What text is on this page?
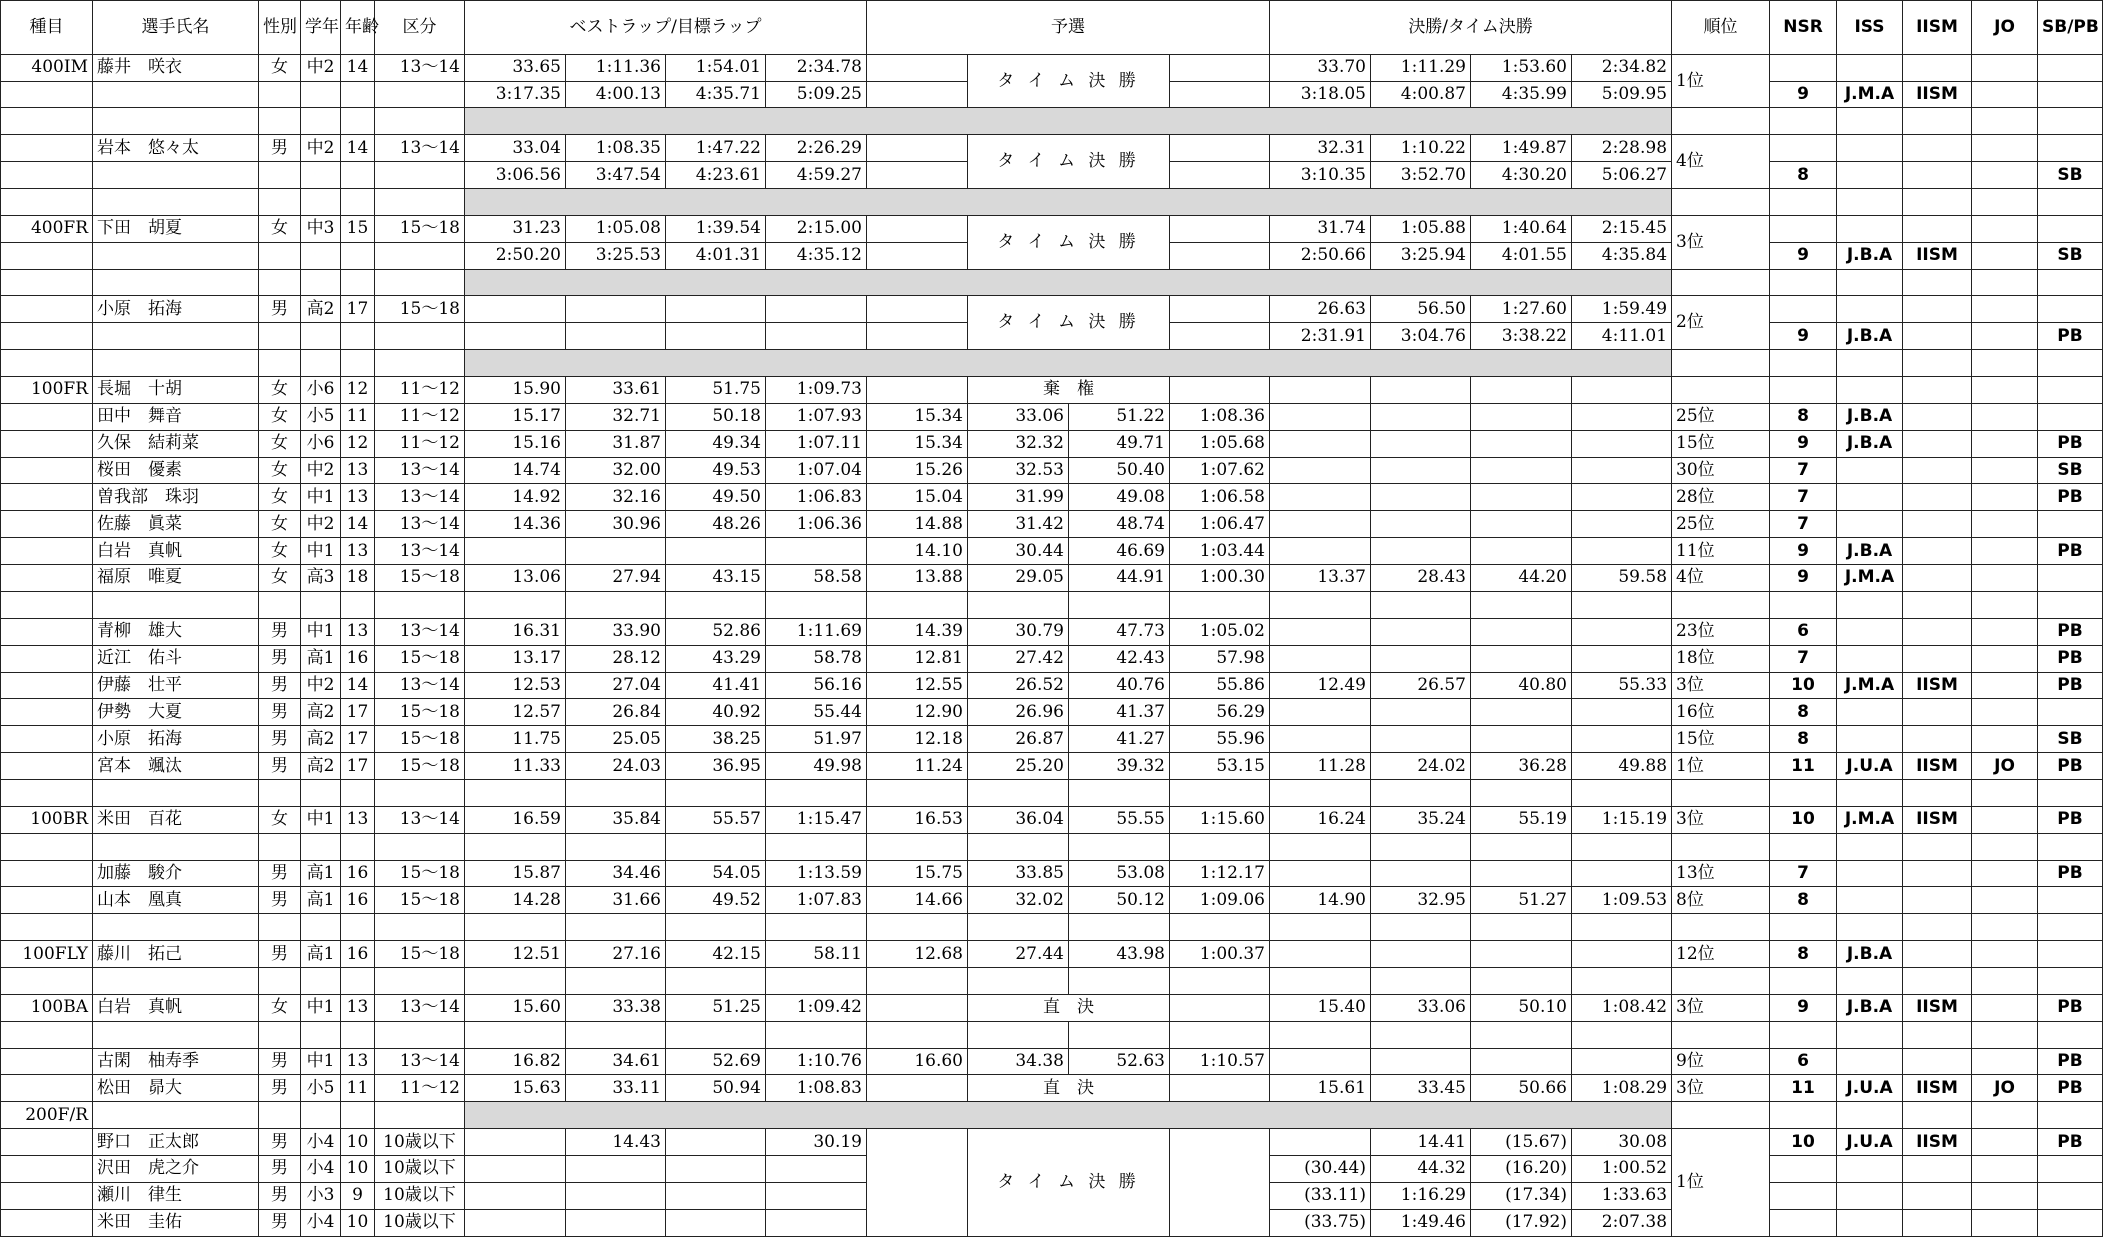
種目	選手氏名	性別	学年	年齢	区分	ベストラップ/目標ラップ				予選				決勝/タイム決勝				順位	NSR	ISS	IISM	JO	SB/PB
400IM	藤井　咲衣	女	中2	14	13～14	33.65	1:11.36	1:54.01	2:34.78		タ イ ム 決 勝			33.70	1:11.29	1:53.60	2:34.82	1位					
						3:17.35	4:00.13	4:35.71	5:09.25					3:18.05	4:00.87	4:35.99	5:09.95		9	J.M.A	IISM		

	岩本　悠々太	男	中2	14	13～14	33.04	1:08.35	1:47.22	2:26.29		タ イ ム 決 勝			32.31	1:10.22	1:49.87	2:28.98	4位					
						3:06.56	3:47.54	4:23.61	4:59.27					3:10.35	3:52.70	4:30.20	5:06.27		8				SB

400FR	下田　胡夏	女	中3	15	15～18	31.23	1:05.08	1:39.54	2:15.00		タ イ ム 決 勝			31.74	1:05.88	1:40.64	2:15.45	3位					
						2:50.20	3:25.53	4:01.31	4:35.12					2:50.66	3:25.94	4:01.55	4:35.84		9	J.B.A	IISM		SB

	小原　拓海	男	高2	17	15～18						タ イ ム 決 勝			26.63	56.50	1:27.60	1:59.49	2位					
														2:31.91	3:04.76	3:38.22	4:11.01		9	J.B.A			PB

100FR	長堀　十胡	女	小6	12	11～12	15.90	33.61	51.75	1:09.73		棄　権												
	田中　舞音	女	小5	11	11～12	15.17	32.71	50.18	1:07.93	15.34	33.06	51.22	1:08.36					25位	8	J.B.A			
	久保　結莉菜	女	小6	12	11～12	15.16	31.87	49.34	1:07.11	15.34	32.32	49.71	1:05.68					15位	9	J.B.A			PB
	桜田　優素	女	中2	13	13～14	14.74	32.00	49.53	1:07.04	15.26	32.53	50.40	1:07.62					30位	7				SB
	曽我部　珠羽	女	中1	13	13～14	14.92	32.16	49.50	1:06.83	15.04	31.99	49.08	1:06.58					28位	7				PB
	佐藤　眞菜	女	中2	14	13～14	14.36	30.96	48.26	1:06.36	14.88	31.42	48.74	1:06.47					25位	7				
	白岩　真帆	女	中1	13	13～14					14.10	30.44	46.69	1:03.44					11位	9	J.B.A			PB
	福原　唯夏	女	高3	18	15～18	13.06	27.94	43.15	58.58	13.88	29.05	44.91	1:00.30	13.37	28.43	44.20	59.58	4位	9	J.M.A			

	青柳　雄大	男	中1	13	13～14	16.31	33.90	52.86	1:11.69	14.39	30.79	47.73	1:05.02					23位	6				PB
	近江　佑斗	男	高1	16	15～18	13.17	28.12	43.29	58.78	12.81	27.42	42.43	57.98					18位	7				PB
	伊藤　壮平	男	中2	14	13～14	12.53	27.04	41.41	56.16	12.55	26.52	40.76	55.86	12.49	26.57	40.80	55.33	3位	10	J.M.A	IISM		PB
	伊勢　大夏	男	高2	17	15～18	12.57	26.84	40.92	55.44	12.90	26.96	41.37	56.29					16位	8				
	小原　拓海	男	高2	17	15～18	11.75	25.05	38.25	51.97	12.18	26.87	41.27	55.96					15位	8				SB
	宮本　颯汰	男	高2	17	15～18	11.33	24.03	36.95	49.98	11.24	25.20	39.32	53.15	11.28	24.02	36.28	49.88	1位	11	J.U.A	IISM	JO	PB

100BR	米田　百花	女	中1	13	13～14	16.59	35.84	55.57	1:15.47	16.53	36.04	55.55	1:15.60	16.24	35.24	55.19	1:15.19	3位	10	J.M.A	IISM		PB

	加藤　駿介	男	高1	16	15～18	15.87	34.46	54.05	1:13.59	15.75	33.85	53.08	1:12.17					13位	7				PB
	山本　凰真	男	高1	16	15～18	14.28	31.66	49.52	1:07.83	14.66	32.02	50.12	1:09.06	14.90	32.95	51.27	1:09.53	8位	8				

100FLY	藤川　拓己	男	高1	16	15～18	12.51	27.16	42.15	58.11	12.68	27.44	43.98	1:00.37					12位	8	J.B.A			

100BA	白岩　真帆	女	中1	13	13～14	15.60	33.38	51.25	1:09.42		直　決			15.40	33.06	50.10	1:08.42	3位	9	J.B.A	IISM		PB

	古閑　柚寿季	男	中1	13	13～14	16.82	34.61	52.69	1:10.76	16.60	34.38	52.63	1:10.57					9位	6				PB
	松田　昴大	男	小5	11	11～12	15.63	33.11	50.94	1:08.83		直　決			15.61	33.45	50.66	1:08.29	3位	11	J.U.A	IISM	JO	PB
200F/R																							
	野口　正太郎	男	小4	10	10歳以下		14.43		30.19		タ イ ム 決 勝				14.41	(15.67)	30.08	1位	10	J.U.A	IISM		PB
	沢田　虎之介	男	小4	10	10歳以下									(30.44)	44.32	(16.20)	1:00.52						
	瀬川　律生	男	小3	9	10歳以下									(33.11)	1:16.29	(17.34)	1:33.63						
	米田　圭佑	男	小4	10	10歳以下									(33.75)	1:49.46	(17.92)	2:07.38						
